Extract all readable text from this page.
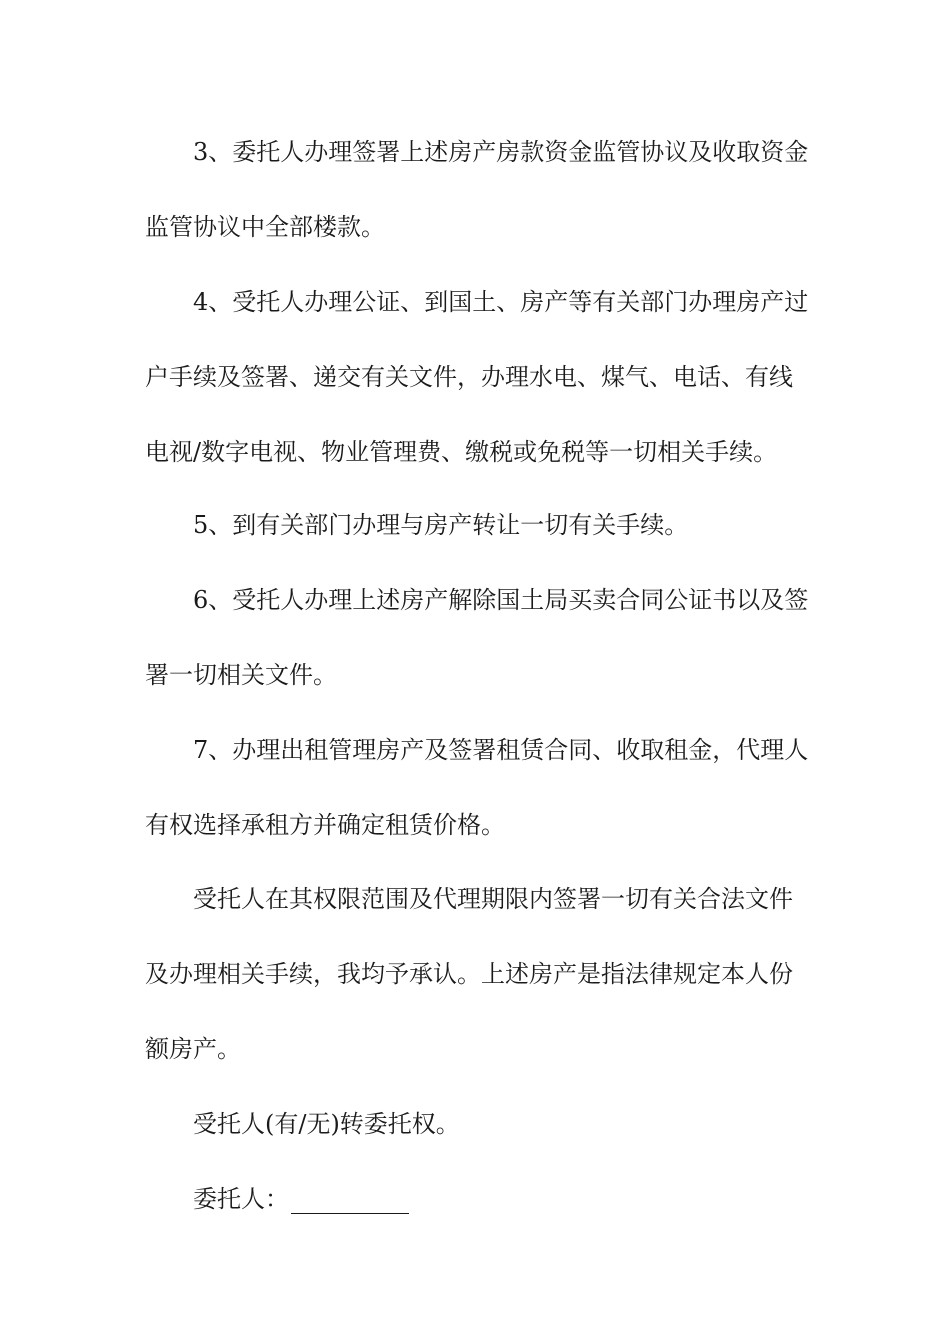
3、委托人办理签署上述房产房款资金监管协议及收取资金

监管协议中全部楼款。

4、受托人办理公证、到国土、房产等有关部门办理房产过

户手续及签署、递交有关文件，办理水电、煤气、电话、有线

电视/数字电视、物业管理费、缴税或免税等一切相关手续。

5、到有关部门办理与房产转让一切有关手续。

6、受托人办理上述房产解除国土局买卖合同公证书以及签

署一切相关文件。

7、办理出租管理房产及签署租赁合同、收取租金，代理人

有权选择承租方并确定租赁价格。

受托人在其权限范围及代理期限内签署一切有关合法文件

及办理相关手续，我均予承认。上述房产是指法律规定本人份

额房产。

受托人(有/无)转委托权。

委托人：
